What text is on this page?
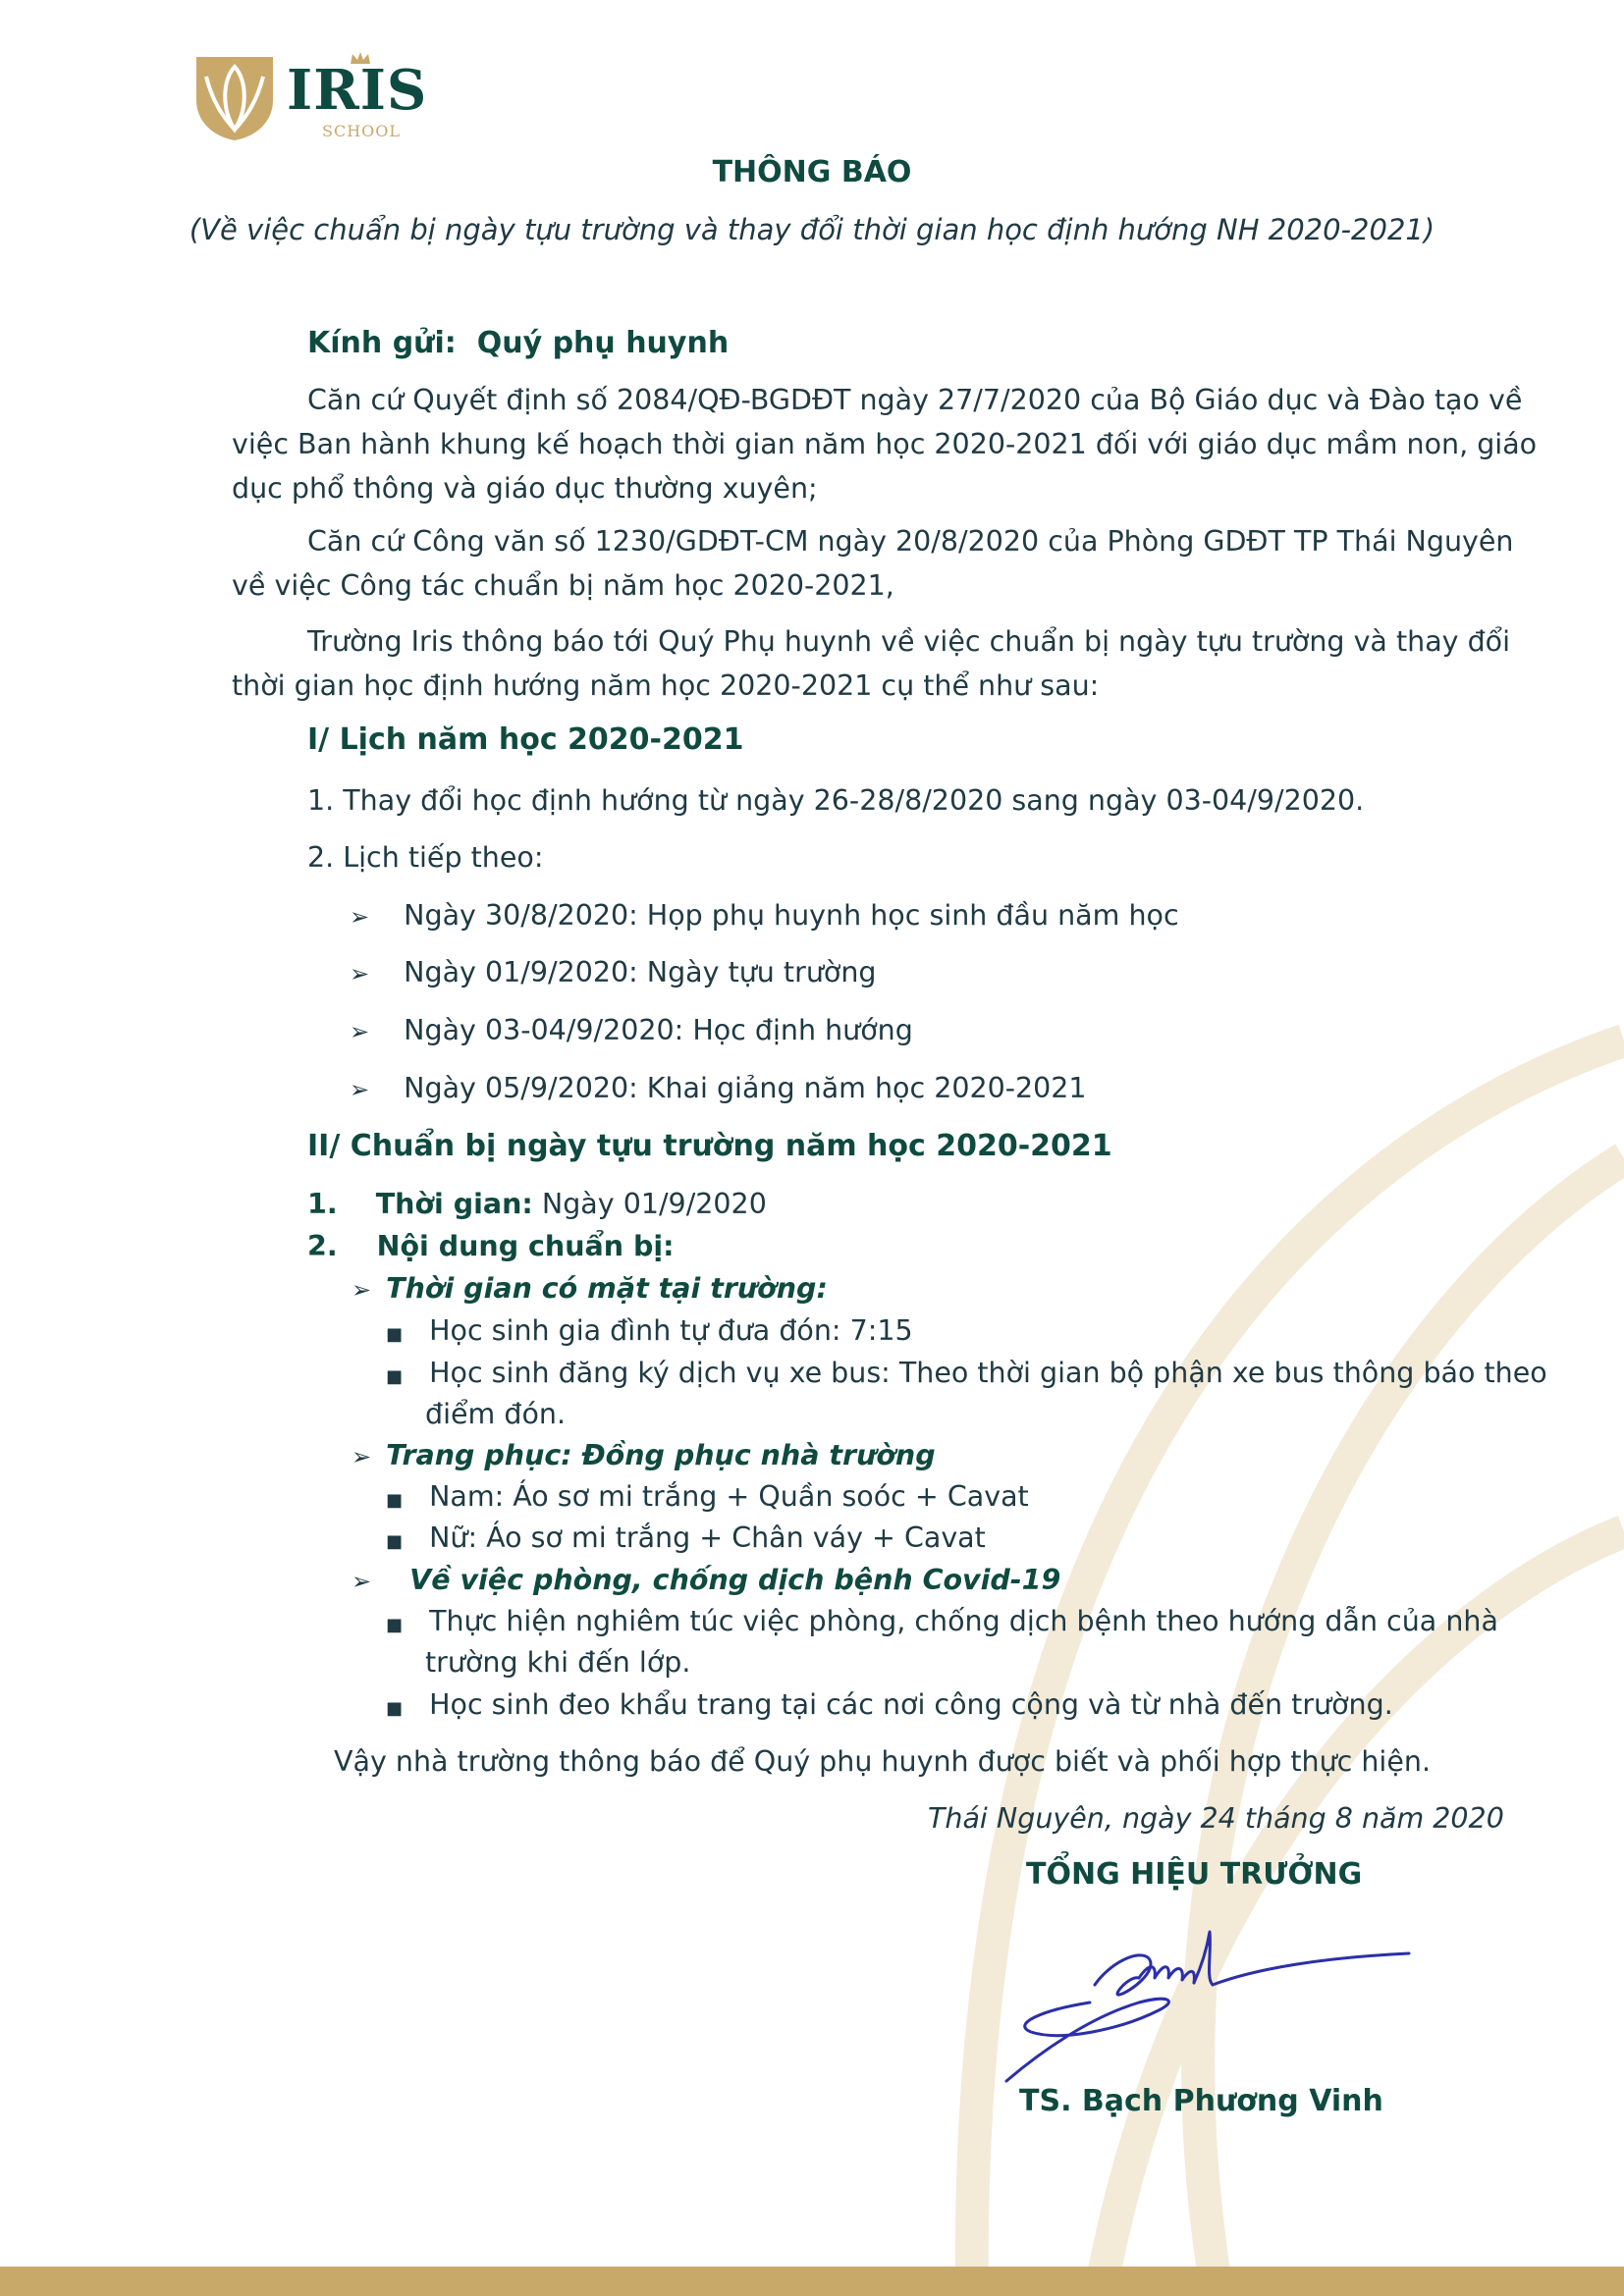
IRIS
SCHOOL
THÔNG BÁO
(Về việc chuẩn bị ngày tựu trường và thay đổi thời gian học định hướng NH 2020-2021)
Kính gửi: Quý phụ huynh
Căn cứ Quyết định số 2084/QĐ-BGDĐT ngày 27/7/2020 của Bộ Giáo dục và Đào tạo về
việc Ban hành khung kế hoạch thời gian năm học 2020-2021 đối với giáo dục mầm non, giáo
dục phổ thông và giáo dục thường xuyên;
Căn cứ Công văn số 1230/GDĐT-CM ngày 20/8/2020 của Phòng GDĐT TP Thái Nguyên
về việc Công tác chuẩn bị năm học 2020-2021,
Trường Iris thông báo tới Quý Phụ huynh về việc chuẩn bị ngày tựu trường và thay đổi
thời gian học định hướng năm học 2020-2021 cụ thể như sau:
I/ Lịch năm học 2020-2021
1. Thay đổi học định hướng từ ngày 26-28/8/2020 sang ngày 03-04/9/2020.
2. Lịch tiếp theo:
➢ Ngày 30/8/2020: Họp phụ huynh học sinh đầu năm học
➢ Ngày 01/9/2020: Ngày tựu trường
➢ Ngày 03-04/9/2020: Học định hướng
➢ Ngày 05/9/2020: Khai giảng năm học 2020-2021
II/ Chuẩn bị ngày tựu trường năm học 2020-2021
1. Thời gian: Ngày 01/9/2020
2. Nội dung chuẩn bị:
➢ Thời gian có mặt tại trường:
■ Học sinh gia đình tự đưa đón: 7:15
■ Học sinh đăng ký dịch vụ xe bus: Theo thời gian bộ phận xe bus thông báo theo
điểm đón.
➢ Trang phục: Đồng phục nhà trường
■ Nam: Áo sơ mi trắng + Quần soóc + Cavat
■ Nữ: Áo sơ mi trắng + Chân váy + Cavat
➢ Về việc phòng, chống dịch bệnh Covid-19
■ Thực hiện nghiêm túc việc phòng, chống dịch bệnh theo hướng dẫn của nhà
trường khi đến lớp.
■ Học sinh đeo khẩu trang tại các nơi công cộng và từ nhà đến trường.
Vậy nhà trường thông báo để Quý phụ huynh được biết và phối hợp thực hiện.
Thái Nguyên, ngày 24 tháng 8 năm 2020
TỔNG HIỆU TRƯỞNG
TS. Bạch Phương Vinh
